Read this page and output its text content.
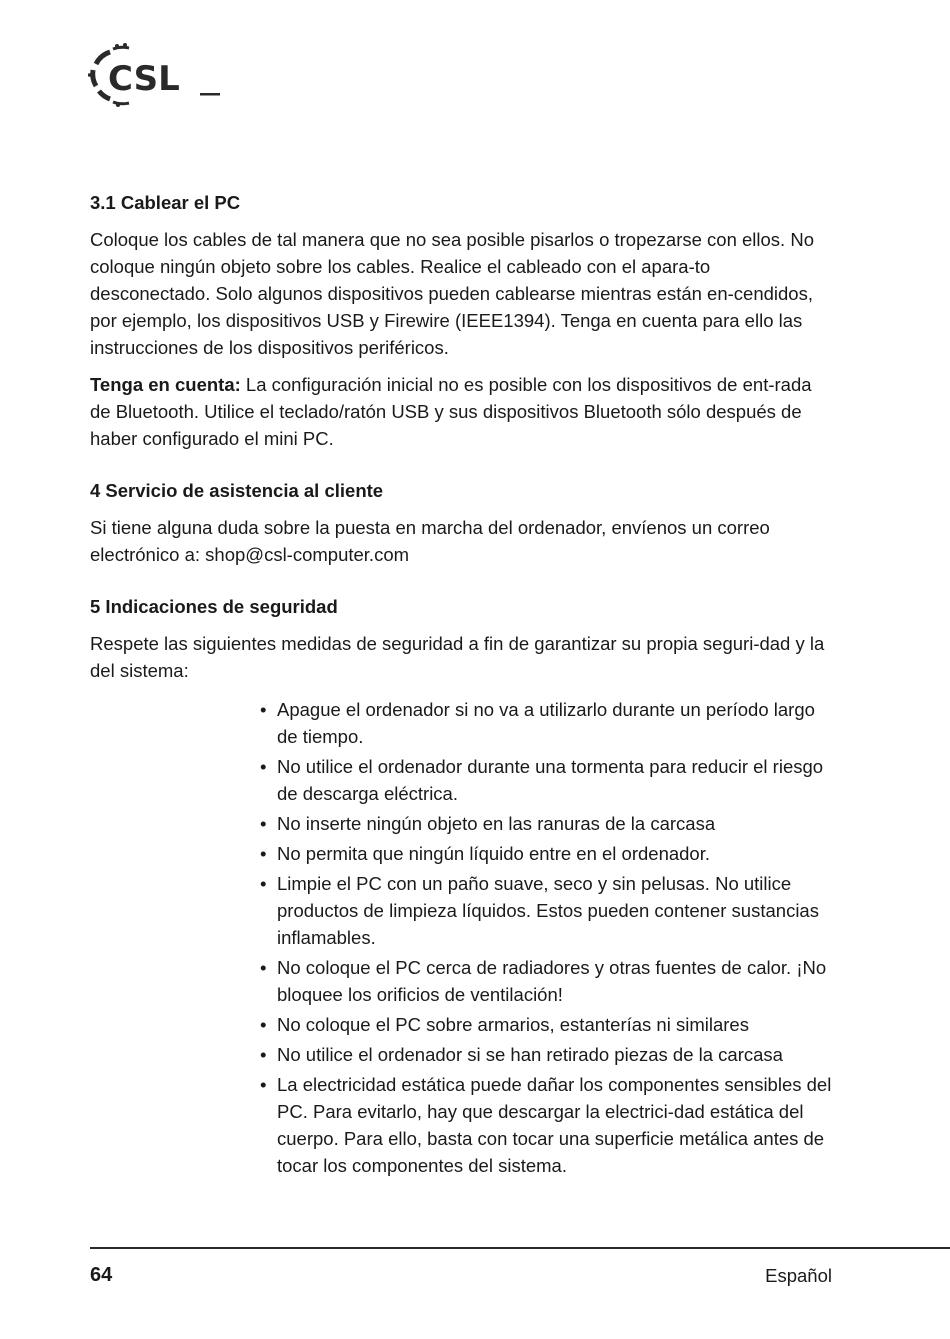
CSL
3.1 Cablear el PC

Coloque los cables de tal manera que no sea posible pisarlos o tropezarse con ellos. No coloque ningún objeto sobre los cables. Realice el cableado con el apara-to desconectado. Solo algunos dispositivos pueden cablearse mientras están en-cendidos, por ejemplo, los dispositivos USB y Firewire (IEEE1394). Tenga en cuenta para ello las instrucciones de los dispositivos periféricos.

Tenga en cuenta: La configuración inicial no es posible con los dispositivos de ent-rada de Bluetooth. Utilice el teclado/ratón USB y sus dispositivos Bluetooth sólo después de haber configurado el mini PC.

4 Servicio de asistencia al cliente

Si tiene alguna duda sobre la puesta en marcha del ordenador, envíenos un correo electrónico a: shop@csl-computer.com

5 Indicaciones de seguridad

Respete las siguientes medidas de seguridad a fin de garantizar su propia seguri-dad y la del sistema:

• Apague el ordenador si no va a utilizarlo durante un período largo de tiempo.
• No utilice el ordenador durante una tormenta para reducir el riesgo de descarga eléctrica.
• No inserte ningún objeto en las ranuras de la carcasa
• No permita que ningún líquido entre en el ordenador.
• Limpie el PC con un paño suave, seco y sin pelusas. No utilice productos de limpieza líquidos. Estos pueden contener sustancias inflamables.
• No coloque el PC cerca de radiadores y otras fuentes de calor. ¡No bloquee los orificios de ventilación!
• No coloque el PC sobre armarios, estanterías ni similares
• No utilice el ordenador si se han retirado piezas de la carcasa
• La electricidad estática puede dañar los componentes sensibles del PC. Para evitarlo, hay que descargar la electrici-dad estática del cuerpo. Para ello, basta con tocar una superficie metálica antes de tocar los componentes del sistema.
64	Español
